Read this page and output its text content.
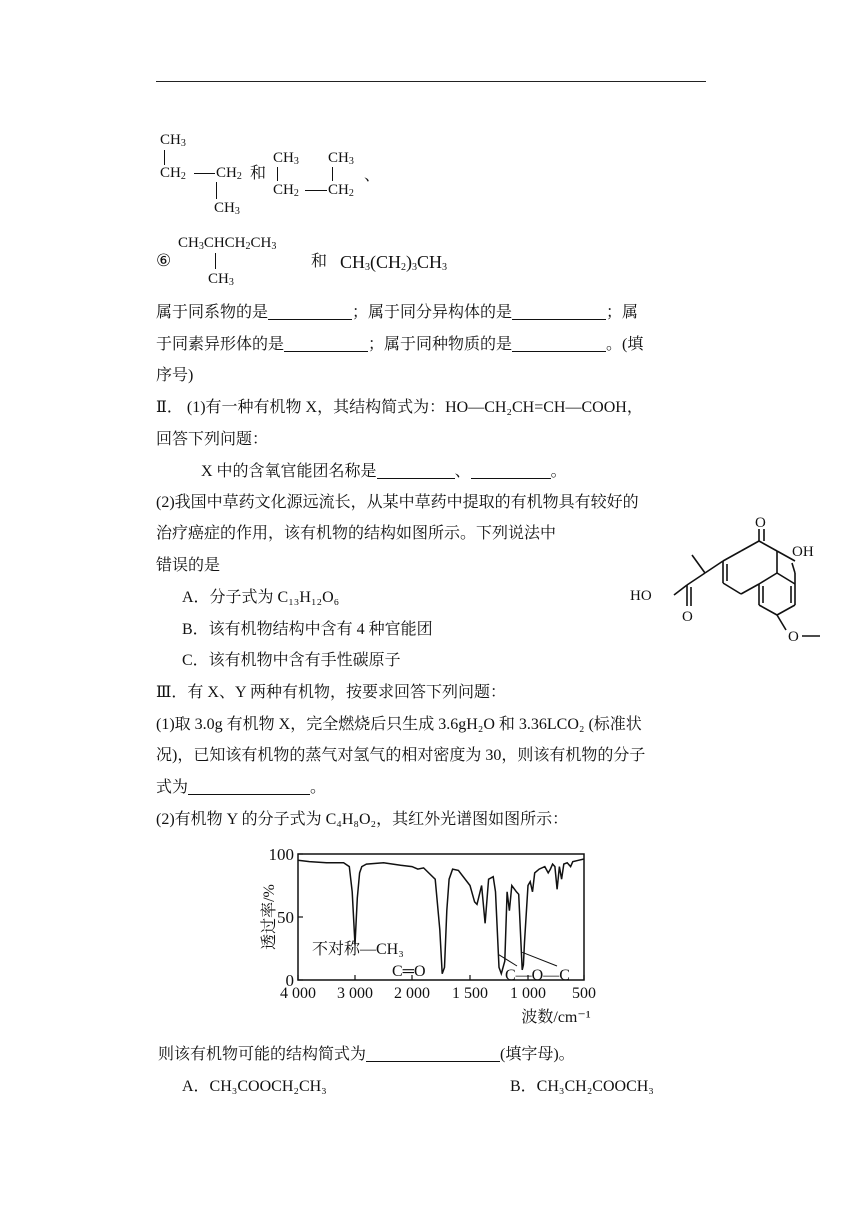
$CH_3$
$CH_2$ $CH_2$
$CH_3$
和
$CH_3$ $CH_3$
$CH_2$ $CH_2$
、
⑥
$CH_3CHCH_2CH_3$
$CH_3$
和 $CH_3(CH_2)_3CH_3$
属于同系物的是	；属于同分异构体的是	；属
于同素异形体的是	；属于同种物质的是	。(填
序号)
Ⅱ． (1)有一种有机物 X，其结构简式为：HO—CH₂CH=CH—COOH，
回答下列问题：
X 中的含氧官能团名称是	、	。
(2)我国中草药文化源远流长，从某中草药中提取的有机物具有较好的
治疗癌症的作用，该有机物的结构如图所示。下列说法中
错误的是
A．分子式为 C₁₃H₁₂O₆
B．该有机物结构中含有 4 种官能团
C．该有机物中含有手性碳原子
O
OH
HO
O
O
Ⅲ．有 X、Y 两种有机物，按要求回答下列问题：
(1)取 3.0g 有机物 X，完全燃烧后只生成 3.6gH₂O 和 3.36LCO₂ (标准状
况)，已知该有机物的蒸气对氢气的相对密度为 30，则该有机物的分子
式为	。
(2)有机物 Y 的分子式为 C₄H₈O₂，其红外光谱图如图所示：
100
50
0
4 000 3 000 2 000 1 500 1 000 500
透过率/%
波数/cm⁻¹
不对称—CH₃
C═O	C—O—C
则该有机物可能的结构简式为	(填字母)。
A．CH₃COOCH₂CH₃	B．CH₃CH₂COOCH₃
